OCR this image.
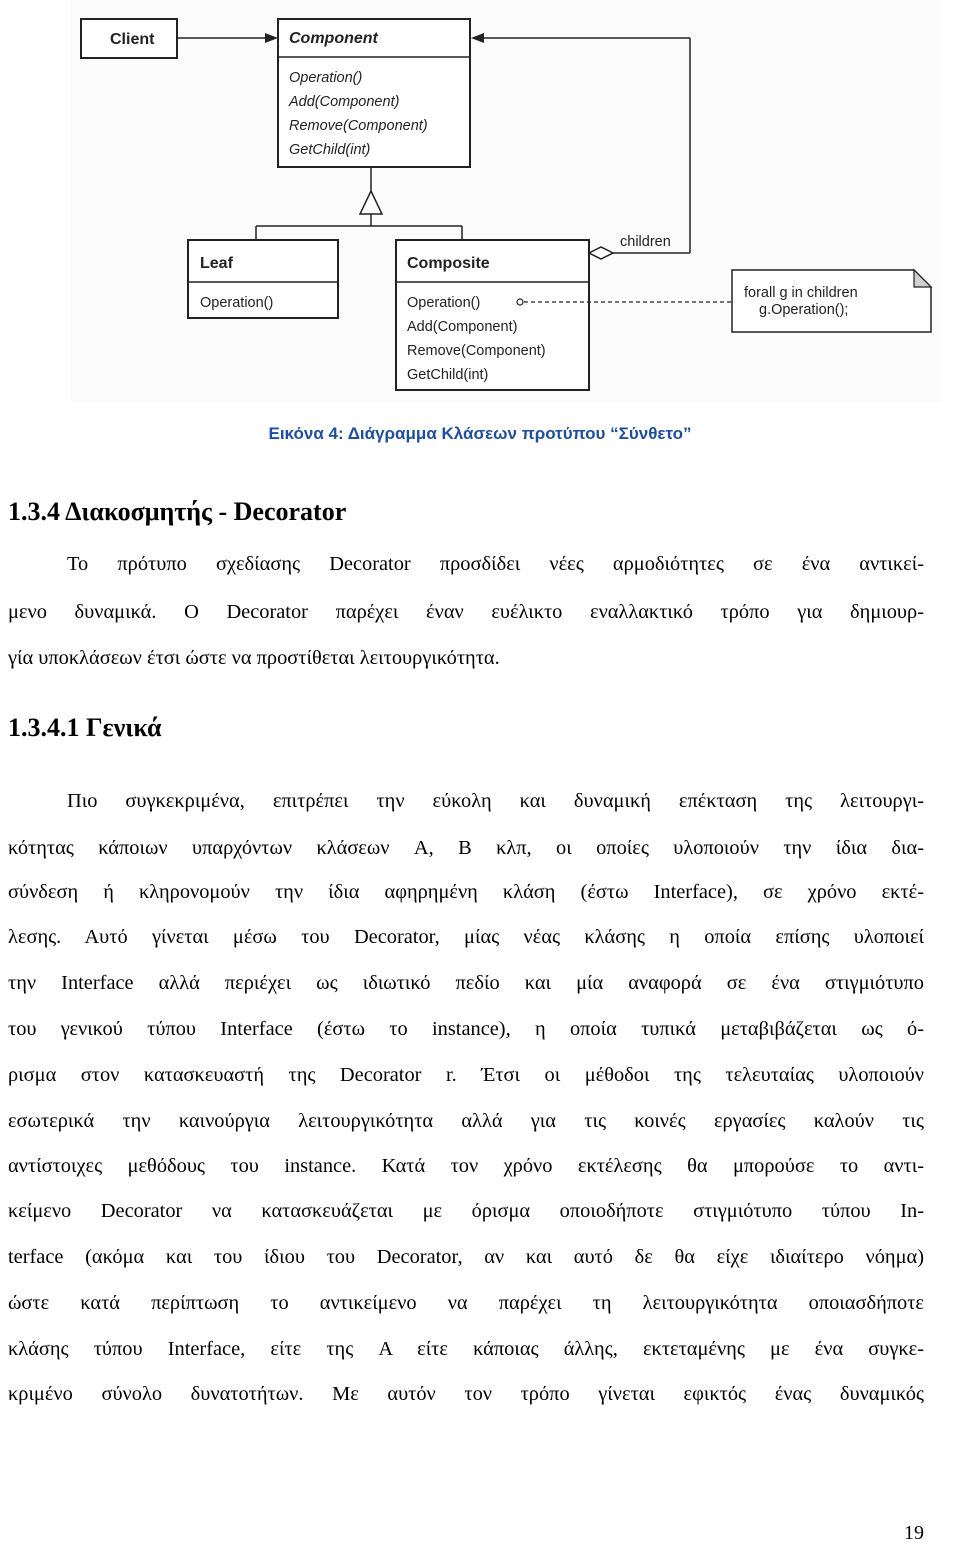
Client	Component
Operation()
Add(Component)
Remove(Component)
GetChild(int)
Leaf
Operation()
Composite
Operation()
Add(Component)
Remove(Component)
GetChild(int)
children
forall g in children
g.Operation();
Εικόνα 4: Διάγραμμα Κλάσεων προτύπου “Σύνθετο”
1.3.4 Διακοσμητής - Decorator
Το πρότυπο σχεδίασης Decorator προσδίδει νέες αρμοδιότητες σε ένα αντικεί-
μενο δυναμικά. Ο Decorator παρέχει έναν ευέλικτο εναλλακτικό τρόπο για δημιουρ-
γία υποκλάσεων έτσι ώστε να προστίθεται λειτουργικότητα.
1.3.4.1 Γενικά
Πιο συγκεκριμένα, επιτρέπει την εύκολη και δυναμική επέκταση της λειτουργι-
κότητας κάποιων υπαρχόντων κλάσεων A, B κλπ, οι οποίες υλοποιούν την ίδια δια-
σύνδεση ή κληρονομούν την ίδια αφηρημένη κλάση (έστω Interface), σε χρόνο εκτέ-
λεσης. Αυτό γίνεται μέσω του Decorator, μίας νέας κλάσης η οποία επίσης υλοποιεί
την Interface αλλά περιέχει ως ιδιωτικό πεδίο και μία αναφορά σε ένα στιγμιότυπο
του γενικού τύπου Interface (έστω το instance), η οποία τυπικά μεταβιβάζεται ως ό-
ρισμα στον κατασκευαστή της Decorator r. Έτσι οι μέθοδοι της τελευταίας υλοποιούν
εσωτερικά την καινούργια λειτουργικότητα αλλά για τις κοινές εργασίες καλούν τις
αντίστοιχες μεθόδους του instance. Κατά τον χρόνο εκτέλεσης θα μπορούσε το αντι-
κείμενο Decorator να κατασκευάζεται με όρισμα οποιοδήποτε στιγμιότυπο τύπου In-
terface (ακόμα και του ίδιου του Decorator, αν και αυτό δε θα είχε ιδιαίτερο νόημα)
ώστε κατά περίπτωση το αντικείμενο να παρέχει τη λειτουργικότητα οποιασδήποτε
κλάσης τύπου Interface, είτε της A είτε κάποιας άλλης, εκτεταμένης με ένα συγκε-
κριμένο σύνολο δυνατοτήτων. Με αυτόν τον τρόπο γίνεται εφικτός ένας δυναμικός
19
